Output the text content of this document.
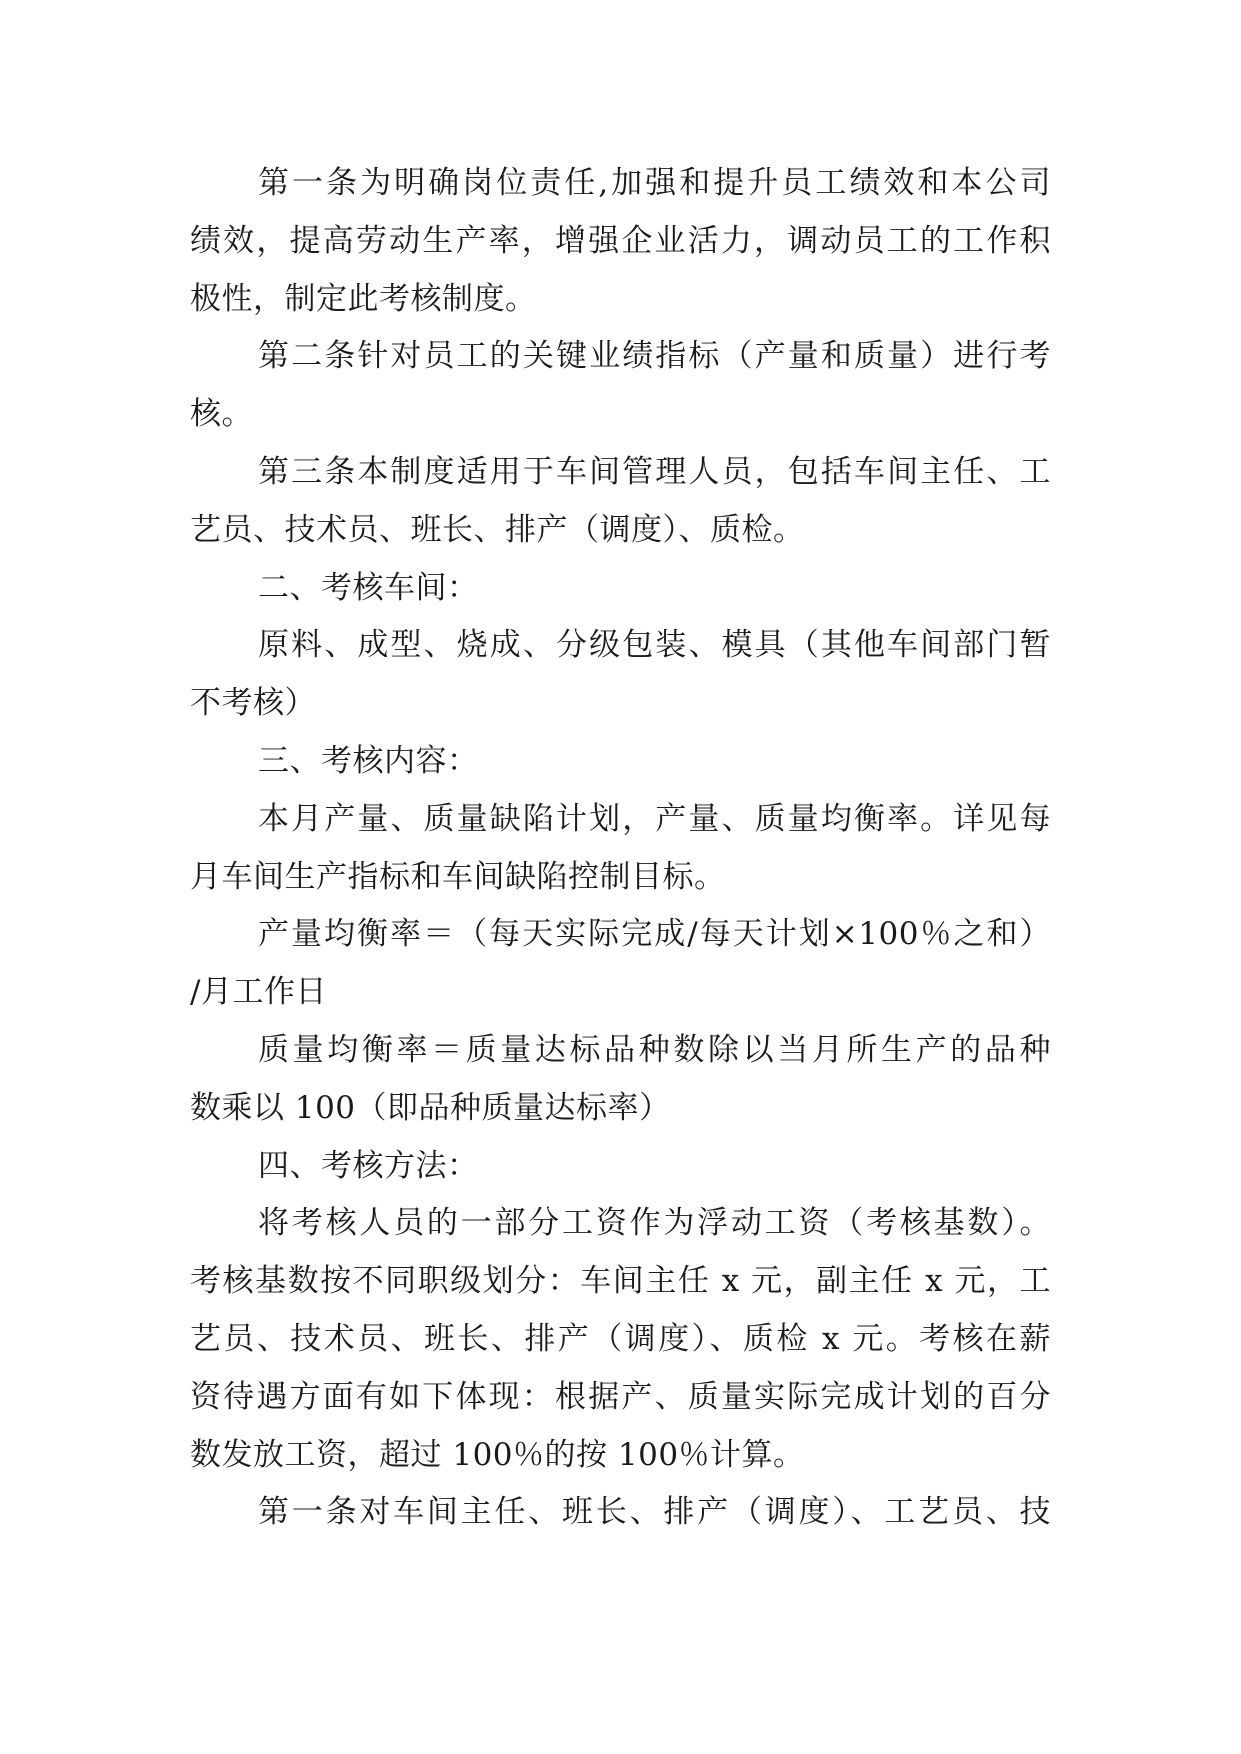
第一条为明确岗位责任,加强和提升员工绩效和本公司
绩效，提高劳动生产率，增强企业活力，调动员工的工作积
极性，制定此考核制度。
第二条针对员工的关键业绩指标（产量和质量）进行考
核。
第三条本制度适用于车间管理人员，包括车间主任、工
艺员、技术员、班长、排产（调度）、质检。
二、考核车间：
原料、成型、烧成、分级包装、模具（其他车间部门暂
不考核）
三、考核内容：
本月产量、质量缺陷计划，产量、质量均衡率。详见每
月车间生产指标和车间缺陷控制目标。
产量均衡率＝（每天实际完成/每天计划×100％之和）
/月工作日
质量均衡率＝质量达标品种数除以当月所生产的品种
数乘以 100（即品种质量达标率）
四、考核方法：
将考核人员的一部分工资作为浮动工资（考核基数）。
考核基数按不同职级划分：车间主任 x 元，副主任 x 元，工
艺员、技术员、班长、排产（调度）、质检 x 元。考核在薪
资待遇方面有如下体现：根据产、质量实际完成计划的百分
数发放工资，超过 100％的按 100％计算。
第一条对车间主任、班长、排产（调度）、工艺员、技
